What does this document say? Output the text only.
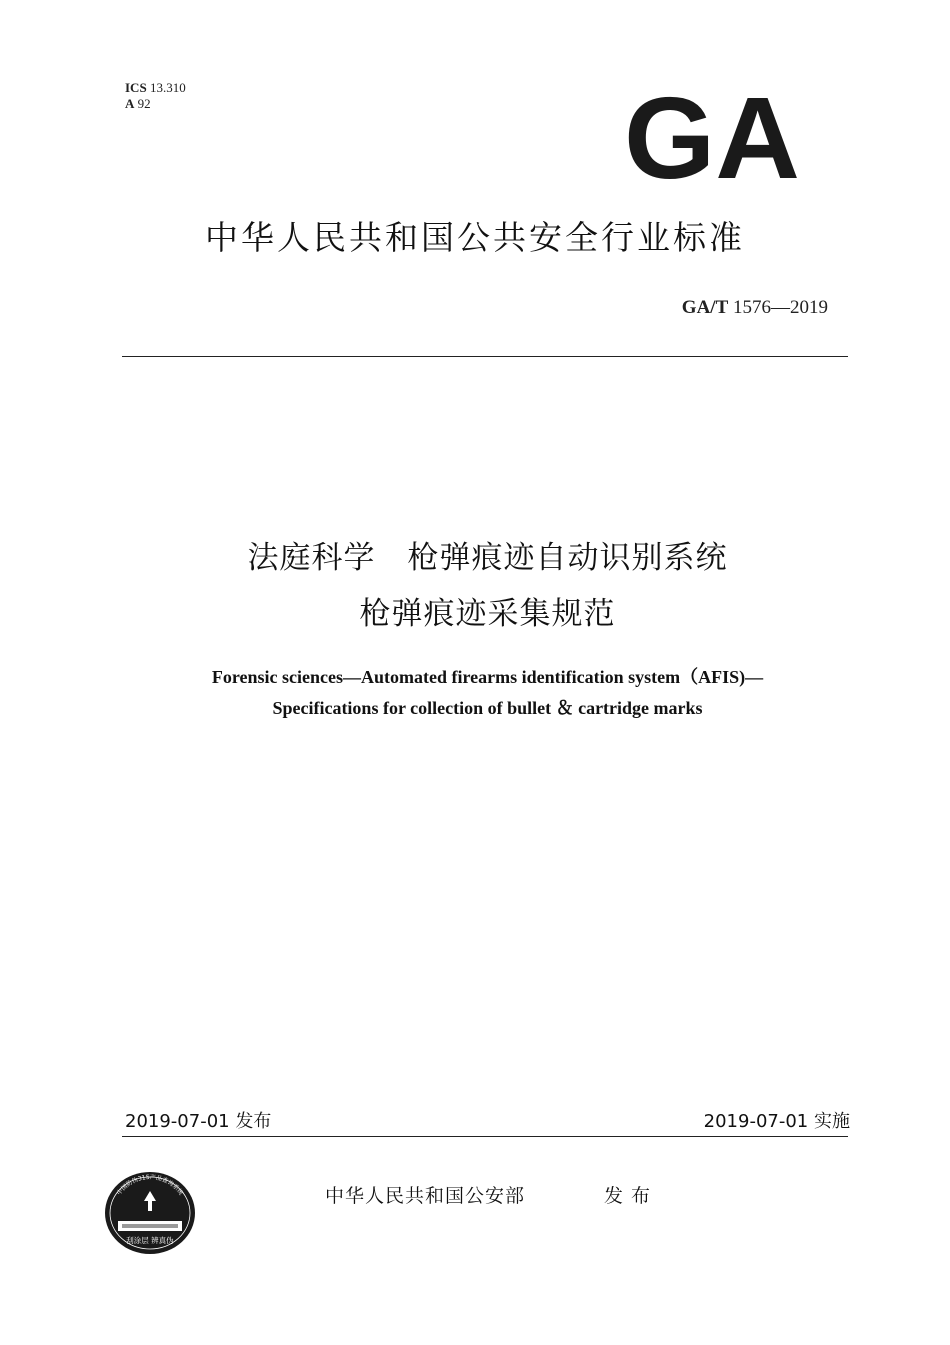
ICS 13.310
A 92	GA
中华人民共和国公共安全行业标准
GA/T 1576—2019
法庭科学　枪弹痕迹自动识别系统
枪弹痕迹采集规范
Forensic sciences—Automated firearms identification system（AFIS)—
Specifications for collection of bullet ＆ cartridge marks
2019-07-01 发布	2019-07-01 实施
中华人民共和国公安部	发布
中国防伪315产品查询系统
刮涂层 辨真伪
